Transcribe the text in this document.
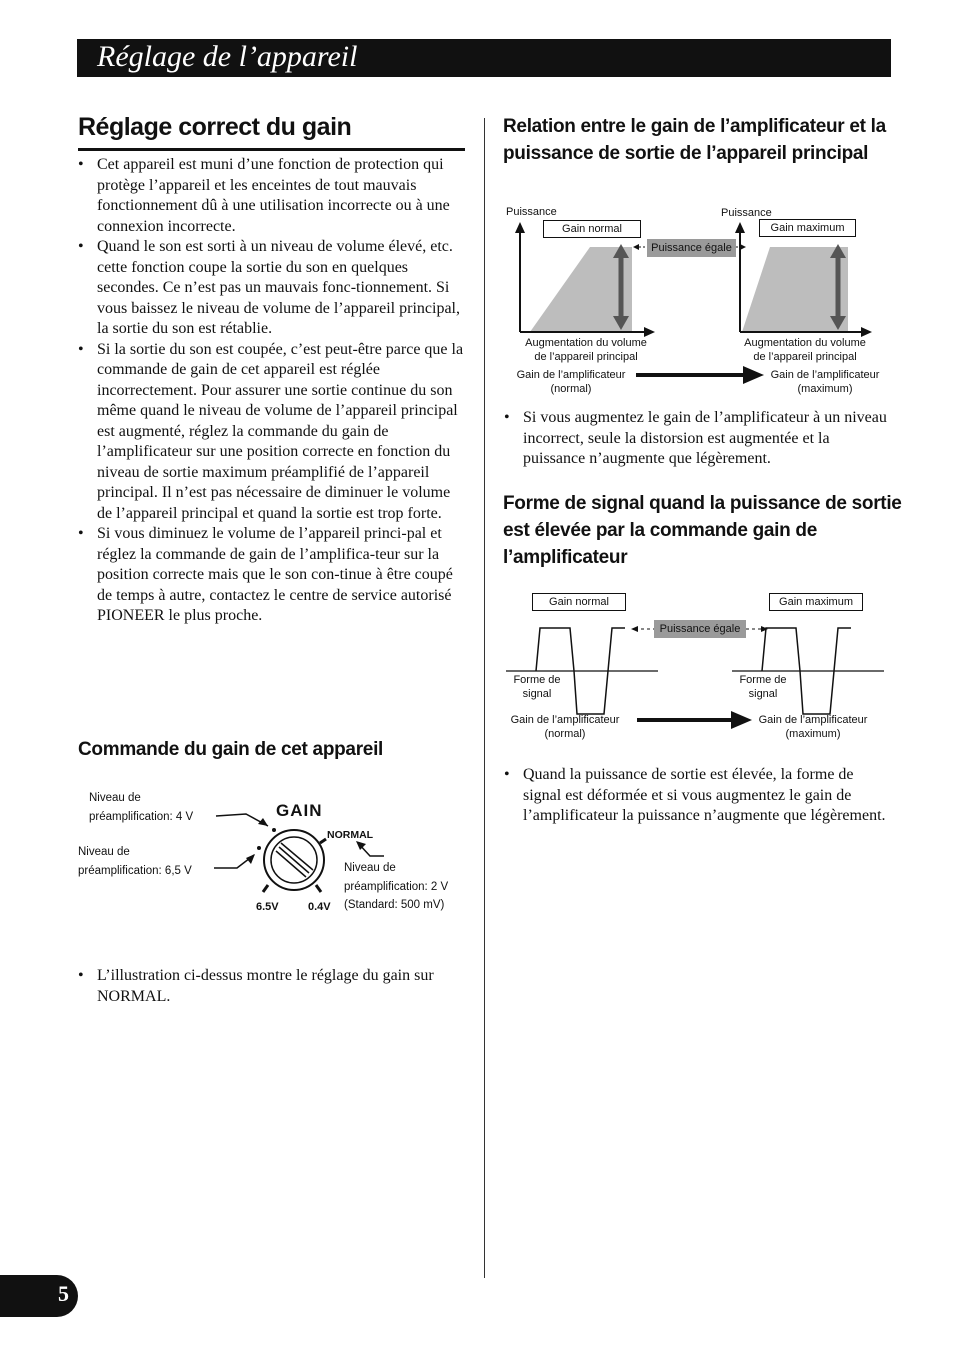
Réglage de l’appareil
Réglage correct du gain
• Cet appareil est muni d’une fonction de protection qui protège l’appareil et les enceintes de tout mauvais fonctionnement dû à une utilisation incorrecte ou à une connexion incorrecte.
• Quand le son est sorti à un niveau de volume élevé, etc. cette fonction coupe la sortie du son en quelques secondes. Ce n’est pas un mauvais fonc-tionnement. Si vous baissez le niveau de volume de l’appareil principal, la sortie du son est rétablie.
• Si la sortie du son est coupée, c’est peut-être parce que la commande de gain de cet appareil est réglée incorrectement. Pour assurer une sortie continue du son même quand le niveau de volume de l’appareil principal est augmenté, réglez la commande du gain de l’amplificateur sur une position correcte en fonction du niveau de sortie maximum préamplifié de l’appareil principal. Il n’est pas nécessaire de diminuer le volume de l’appareil principal et quand la sortie est trop forte.
• Si vous diminuez le volume de l’appareil princi-pal et réglez la commande de gain de l’amplifica-teur sur la position correcte mais que le son con-tinue à être coupé de temps à autre, contactez le centre de service autorisé PIONEER le plus proche.
Commande du gain de cet appareil
Niveau de
préamplification: 4 V
Niveau de
préamplification: 6,5 V	Niveau de
préamplification: 2 V
(Standard: 500 mV)
GAIN
NORMAL
6.5V	0.4V
• L’illustration ci-dessus montre le réglage du gain sur NORMAL.
Relation entre le gain de l’amplificateur et la puissance de sortie de l’appareil principal
Puissance	Puissance
Gain normal	Gain maximum
Puissance égale
Augmentation du volume
de l’appareil principal
Augmentation du volume
de l’appareil principal
Gain de l’amplificateur
(normal)
Gain de l’amplificateur
(maximum)
• Si vous augmentez le gain de l’amplificateur à un niveau incorrect, seule la distorsion est augmentée et la puissance n’augmente que légèrement.
Forme de signal quand la puissance de sortie est élevée par la commande gain de l’amplificateur
Gain normal	Gain maximum
Puissance égale
Forme de
signal
Forme de
signal
Gain de l’amplificateur
(normal)
Gain de l’amplificateur
(maximum)
• Quand la puissance de sortie est élevée, la forme de signal est déformée et si vous augmentez le gain de l’amplificateur la puissance n’augmente que légèrement.
5
